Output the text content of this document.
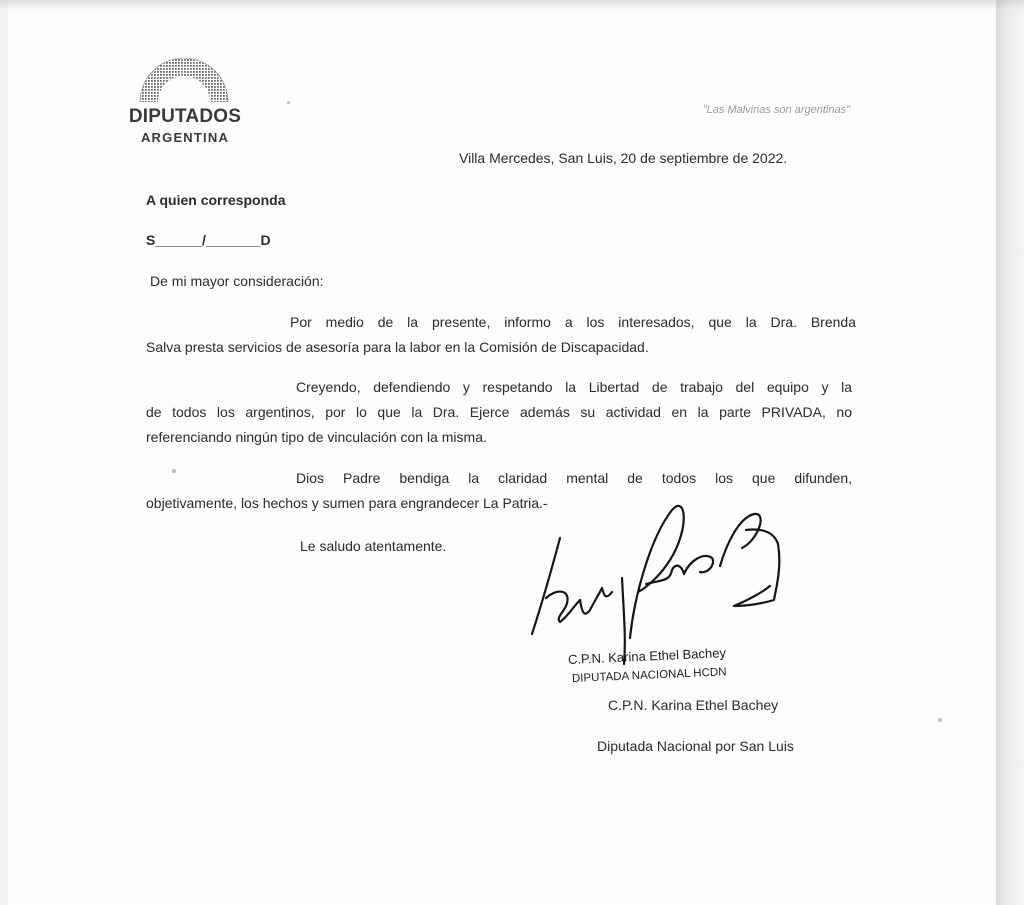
DIPUTADOS
ARGENTINA
"Las Malvinas son argentinas"
Villa Mercedes, San Luis, 20 de septiembre de 2022.
A quien corresponda
S______/_______D
De mi mayor consideración:
Por medio de la presente, informo a los interesados, que la Dra. Brenda
Salva presta servicios de asesoría para la labor en la Comisión de Discapacidad.
Creyendo, defendiendo y respetando la Libertad de trabajo del equipo y la
de todos los argentinos, por lo que la Dra. Ejerce además su actividad en la parte PRIVADA, no
referenciando ningún tipo de vinculación con la misma.
Dios Padre bendiga la claridad mental de todos los que difunden,
objetivamente, los hechos y sumen para engrandecer La Patria.-
Le saludo atentamente.
C.P.N. Karina Ethel Bachey
DIPUTADA NACIONAL HCDN
C.P.N. Karina Ethel Bachey
Diputada Nacional por San Luis
